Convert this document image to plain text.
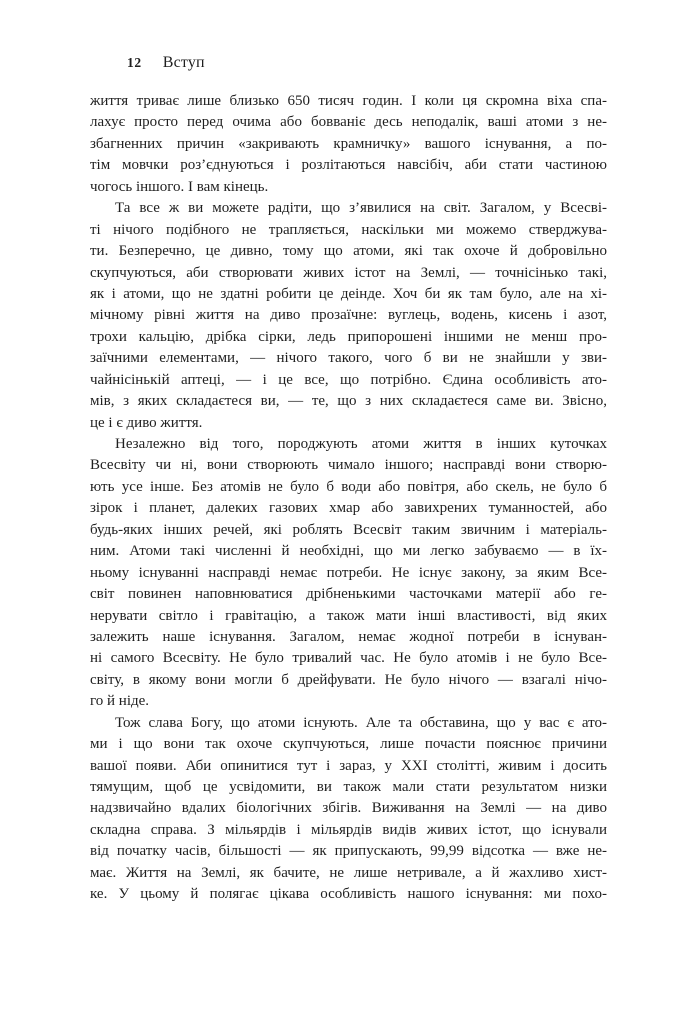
12 Вступ
життя триває лише близько 650 тисяч годин. І коли ця скромна віха спа-
лахує просто перед очима або бовваніє десь неподалік, ваші атоми з не-
збагненних причин «закривають крамничку» вашого існування, а по-
тім мовчки роз’єднуються і розлітаються навсібіч, аби стати частиною
чогось іншого. І вам кінець.
Та все ж ви можете радіти, що з’явилися на світ. Загалом, у Всесві-
ті нічого подібного не трапляється, наскільки ми можемо стверджува-
ти. Безперечно, це дивно, тому що атоми, які так охоче й добровільно
скупчуються, аби створювати живих істот на Землі, — точнісінько такі,
як і атоми, що не здатні робити це деінде. Хоч би як там було, але на хі-
мічному рівні життя на диво прозаїчне: вуглець, водень, кисень і азот,
трохи кальцію, дрібка сірки, ледь припорошені іншими не менш про-
заїчними елементами, — нічого такого, чого б ви не знайшли у зви-
чайнісінькій аптеці, — і це все, що потрібно. Єдина особливість ато-
мів, з яких складаєтеся ви, — те, що з них складаєтеся саме ви. Звісно,
це і є диво життя.
Незалежно від того, породжують атоми життя в інших куточках
Всесвіту чи ні, вони створюють чимало іншого; насправді вони створю-
ють усе інше. Без атомів не було б води або повітря, або скель, не було б
зірок і планет, далеких газових хмар або завихрених туманностей, або
будь-яких інших речей, які роблять Всесвіт таким звичним і матеріаль-
ним. Атоми такі численні й необхідні, що ми легко забуваємо — в їх-
ньому існуванні насправді немає потреби. Не існує закону, за яким Все-
світ повинен наповнюватися дрібненькими часточками матерії або ге-
нерувати світло і гравітацію, а також мати інші властивості, від яких
залежить наше існування. Загалом, немає жодної потреби в існуван-
ні самого Всесвіту. Не було тривалий час. Не було атомів і не було Все-
світу, в якому вони могли б дрейфувати. Не було нічого — взагалі нічо-
го й ніде.
Тож слава Богу, що атоми існують. Але та обставина, що у вас є ато-
ми і що вони так охоче скупчуються, лише почасти пояснює причини
вашої появи. Аби опинитися тут і зараз, у XXI столітті, живим і досить
тямущим, щоб це усвідомити, ви також мали стати результатом низки
надзвичайно вдалих біологічних збігів. Виживання на Землі — на диво
складна справа. З мільярдів і мільярдів видів живих істот, що існували
від початку часів, більшості — як припускають, 99,99 відсотка — вже не-
має. Життя на Землі, як бачите, не лише нетривале, а й жахливо хист-
ке. У цьому й полягає цікава особливість нашого існування: ми похо-
